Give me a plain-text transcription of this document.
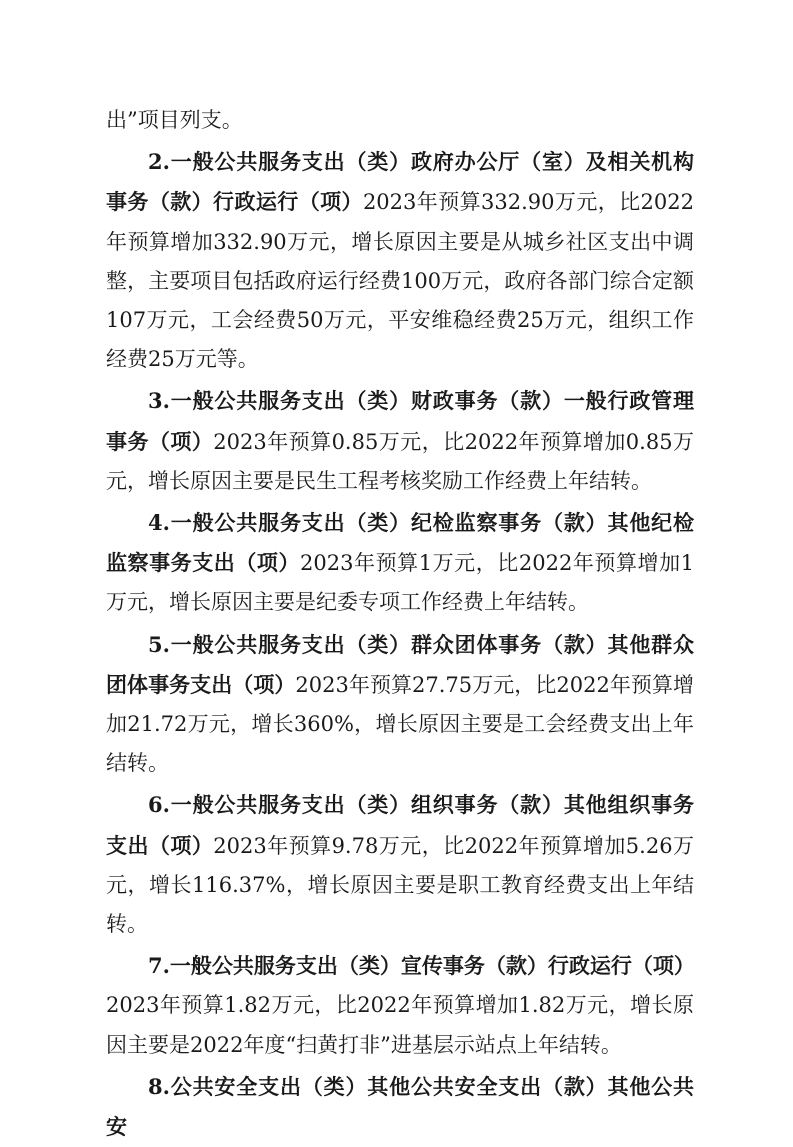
出”项目列支。

2.一般公共服务支出（类）政府办公厅（室）及相关机构事务（款）行政运行（项）2023年预算332.90万元，比2022年预算增加332.90万元，增长原因主要是从城乡社区支出中调整，主要项目包括政府运行经费100万元，政府各部门综合定额107万元，工会经费50万元，平安维稳经费25万元，组织工作经费25万元等。

3.一般公共服务支出（类）财政事务（款）一般行政管理事务（项）2023年预算0.85万元，比2022年预算增加0.85万元，增长原因主要是民生工程考核奖励工作经费上年结转。

4.一般公共服务支出（类）纪检监察事务（款）其他纪检监察事务支出（项）2023年预算1万元，比2022年预算增加1万元，增长原因主要是纪委专项工作经费上年结转。

5.一般公共服务支出（类）群众团体事务（款）其他群众团体事务支出（项）2023年预算27.75万元，比2022年预算增加21.72万元，增长360%，增长原因主要是工会经费支出上年结转。

6.一般公共服务支出（类）组织事务（款）其他组织事务支出（项）2023年预算9.78万元，比2022年预算增加5.26万元，增长116.37%，增长原因主要是职工教育经费支出上年结转。

7.一般公共服务支出（类）宣传事务（款）行政运行（项）2023年预算1.82万元，比2022年预算增加1.82万元，增长原因主要是2022年度“扫黄打非”进基层示站点上年结转。

8.公共安全支出（类）其他公共安全支出（款）其他公共安
